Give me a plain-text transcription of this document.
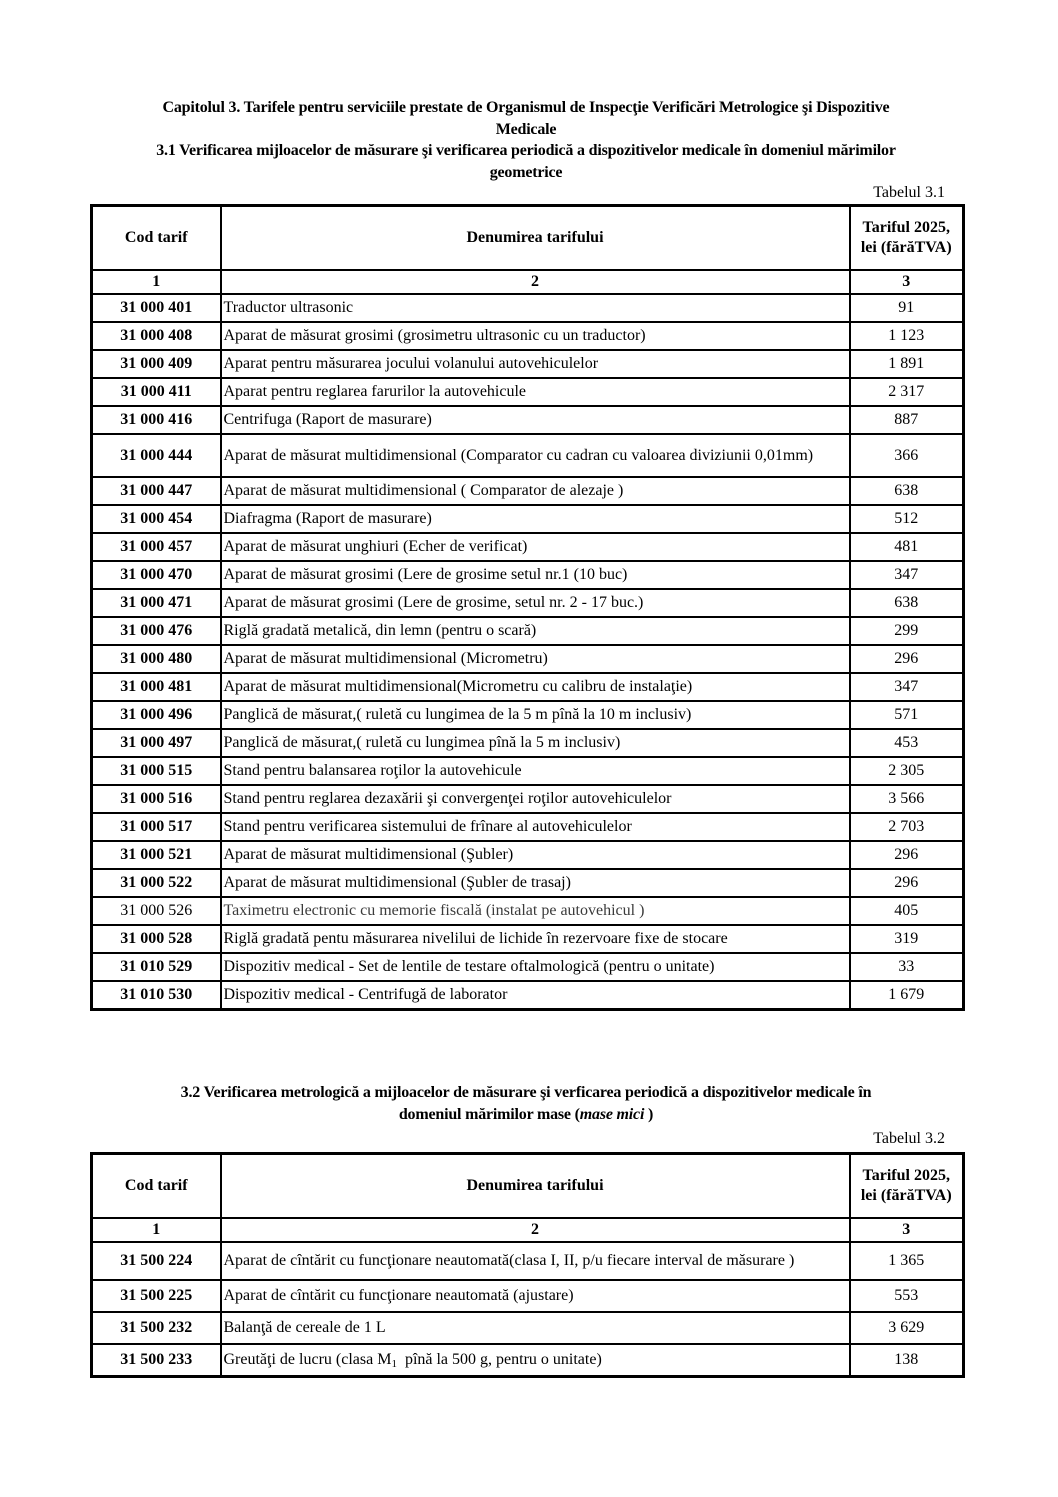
Capitolul 3. Tarifele pentru serviciile prestate de Organismul de Inspecţie Verificări Metrologice şi Dispozitive
Medicale
3.1 Verificarea mijloacelor de măsurare şi verificarea periodică a dispozitivelor medicale în domeniul mărimilor
geometrice
Tabelul 3.1
Cod tarif	Denumirea tarifului	Tariful 2025,
lei (fărăTVA)

1	2	3
31 000 401	Traductor ultrasonic	91
31 000 408	Aparat de măsurat grosimi (grosimetru ultrasonic cu un traductor)	1 123
31 000 409	Aparat pentru măsurarea jocului volanului autovehiculelor	1 891
31 000 411	Aparat pentru reglarea farurilor la autovehicule	2 317
31 000 416	Centrifuga (Raport de masurare)	887
31 000 444	Aparat de măsurat multidimensional (Comparator cu cadran cu valoarea diviziunii 0,01mm)	366
31 000 447	Aparat de măsurat multidimensional ( Comparator de alezaje )	638
31 000 454	Diafragma (Raport de masurare)	512
31 000 457	Aparat de măsurat unghiuri (Echer de verificat)	481
31 000 470	Aparat de măsurat grosimi (Lere de grosime setul nr.1 (10 buc)	347
31 000 471	Aparat de măsurat grosimi (Lere de grosime, setul nr. 2 - 17 buc.)	638
31 000 476	Riglă gradată metalică, din lemn (pentru o scară)	299
31 000 480	Aparat de măsurat multidimensional (Micrometru)	296
31 000 481	Aparat de măsurat multidimensional(Micrometru cu calibru de instalaţie)	347
31 000 496	Panglică de măsurat,( ruletă cu lungimea de la 5 m pînă la 10 m inclusiv)	571
31 000 497	Panglică de măsurat,( ruletă cu lungimea pînă la 5 m inclusiv)	453
31 000 515	Stand pentru balansarea roţilor la autovehicule	2 305
31 000 516	Stand pentru reglarea dezaxării şi convergenţei roţilor autovehiculelor	3 566
31 000 517	Stand pentru verificarea sistemului de frînare al autovehiculelor	2 703
31 000 521	Aparat de măsurat multidimensional (Şubler)	296
31 000 522	Aparat de măsurat multidimensional (Şubler de trasaj)	296
31 000 526	Taximetru electronic cu memorie fiscală (instalat pe autovehicul )	405
31 000 528	Riglă gradată pentu măsurarea nivelilui de lichide în rezervoare fixe de stocare	319
31 010 529	Dispozitiv medical - Set de lentile de testare oftalmologică (pentru o unitate)	33
31 010 530	Dispozitiv medical - Centrifugă de laborator	1 679
3.2 Verificarea metrologică a mijloacelor de măsurare şi verficarea periodică a dispozitivelor medicale în
domeniul mărimilor mase (mase mici )
Tabelul 3.2
Cod tarif	Denumirea tarifului	Tariful 2025,
lei (fărăTVA)

1	2	3
31 500 224	Aparat de cîntărit cu funcţionare neautomată(clasa I, II, p/u fiecare interval de măsurare )	1 365
31 500 225	Aparat de cîntărit cu funcţionare neautomată (ajustare)	553
31 500 232	Balanţă de cereale de 1 L	3 629
31 500 233	Greutăţi de lucru (clasa $M_1$  pînă la 500 g, pentru o unitate)	138
